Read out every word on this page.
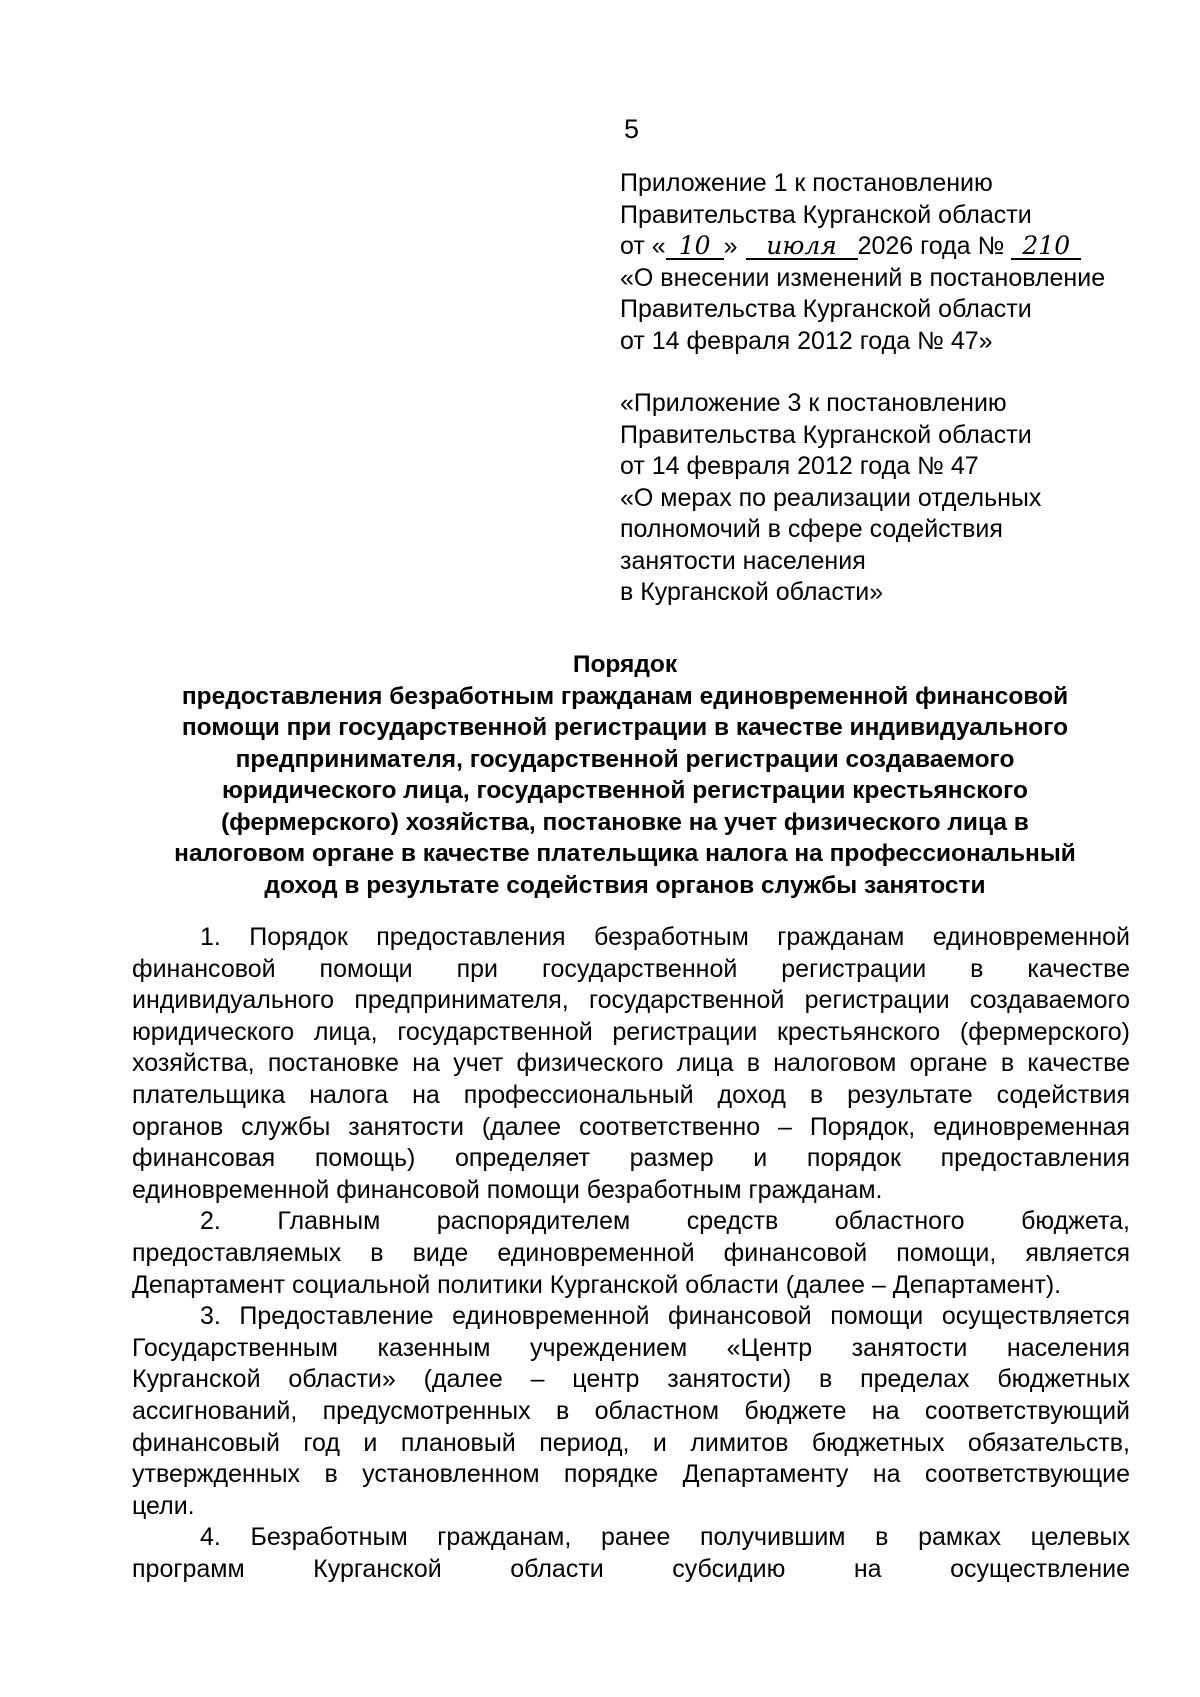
5
Приложение 1 к постановлению
Правительства Курганской области
от « 10 » июля 2026 года № 210
«О внесении изменений в постановление
Правительства Курганской области
от 14 февраля 2012 года № 47»
«Приложение 3 к постановлению
Правительства Курганской области
от 14 февраля 2012 года № 47
«О мерах по реализации отдельных
полномочий в сфере содействия
занятости населения
в Курганской области»
Порядок
предоставления безработным гражданам единовременной финансовой
помощи при государственной регистрации в качестве индивидуального
предпринимателя, государственной регистрации создаваемого
юридического лица, государственной регистрации крестьянского
(фермерского) хозяйства, постановке на учет физического лица в
налоговом органе в качестве плательщика налога на профессиональный
доход в результате содействия органов службы занятости
1. Порядок предоставления безработным гражданам единовременной
финансовой помощи при государственной регистрации в качестве
индивидуального предпринимателя, государственной регистрации создаваемого
юридического лица, государственной регистрации крестьянского (фермерского)
хозяйства, постановке на учет физического лица в налоговом органе в качестве
плательщика налога на профессиональный доход в результате содействия
органов службы занятости (далее соответственно – Порядок, единовременная
финансовая помощь) определяет размер и порядок предоставления
единовременной финансовой помощи безработным гражданам.
2. Главным распорядителем средств областного бюджета,
предоставляемых в виде единовременной финансовой помощи, является
Департамент социальной политики Курганской области (далее – Департамент).
3. Предоставление единовременной финансовой помощи осуществляется
Государственным казенным учреждением «Центр занятости населения
Курганской области» (далее – центр занятости) в пределах бюджетных
ассигнований, предусмотренных в областном бюджете на соответствующий
финансовый год и плановый период, и лимитов бюджетных обязательств,
утвержденных в установленном порядке Департаменту на соответствующие
цели.
4. Безработным гражданам, ранее получившим в рамках целевых
программ Курганской области субсидию на осуществление
